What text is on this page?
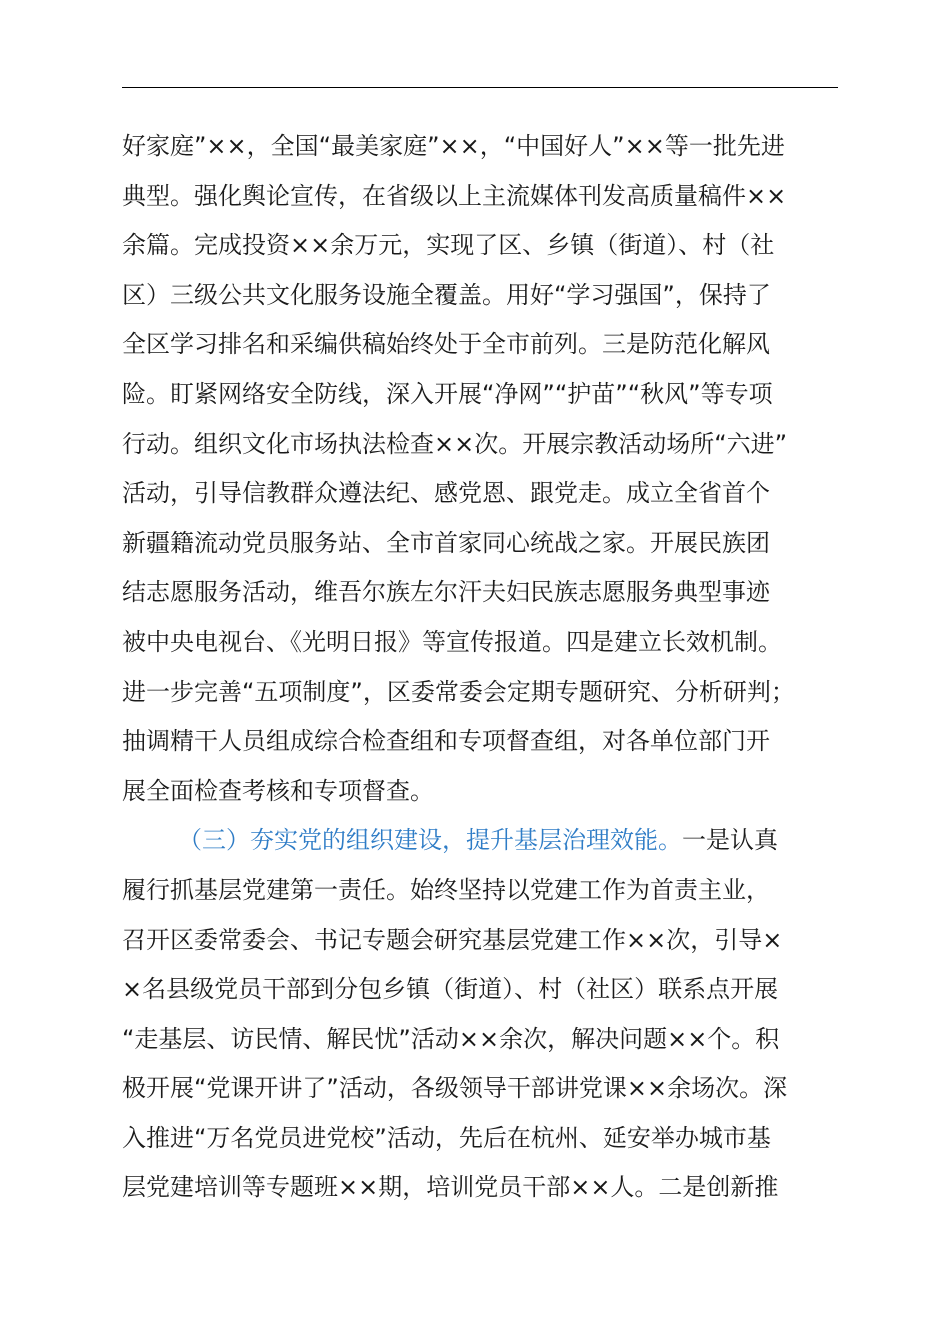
好家庭”××，全国“最美家庭”××，“中国好人”××等一批先进
典型。强化舆论宣传，在省级以上主流媒体刊发高质量稿件××
余篇。完成投资××余万元，实现了区、乡镇（街道）、村（社
区）三级公共文化服务设施全覆盖。用好“学习强国”，保持了
全区学习排名和采编供稿始终处于全市前列。三是防范化解风
险。盯紧网络安全防线，深入开展“净网”“护苗”“秋风”等专项
行动。组织文化市场执法检查××次。开展宗教活动场所“六进”
活动，引导信教群众遵法纪、感党恩、跟党走。成立全省首个
新疆籍流动党员服务站、全市首家同心统战之家。开展民族团
结志愿服务活动，维吾尔族左尔汗夫妇民族志愿服务典型事迹
被中央电视台、《光明日报》等宣传报道。四是建立长效机制。
进一步完善“五项制度”，区委常委会定期专题研究、分析研判；
抽调精干人员组成综合检查组和专项督查组，对各单位部门开
展全面检查考核和专项督查。
（三）夯实党的组织建设，提升基层治理效能。一是认真
履行抓基层党建第一责任。始终坚持以党建工作为首责主业，
召开区委常委会、书记专题会研究基层党建工作××次，引导×
×名县级党员干部到分包乡镇（街道）、村（社区）联系点开展
“走基层、访民情、解民忧”活动××余次，解决问题××个。积
极开展“党课开讲了”活动，各级领导干部讲党课××余场次。深
入推进“万名党员进党校”活动，先后在杭州、延安举办城市基
层党建培训等专题班××期，培训党员干部××人。二是创新推
